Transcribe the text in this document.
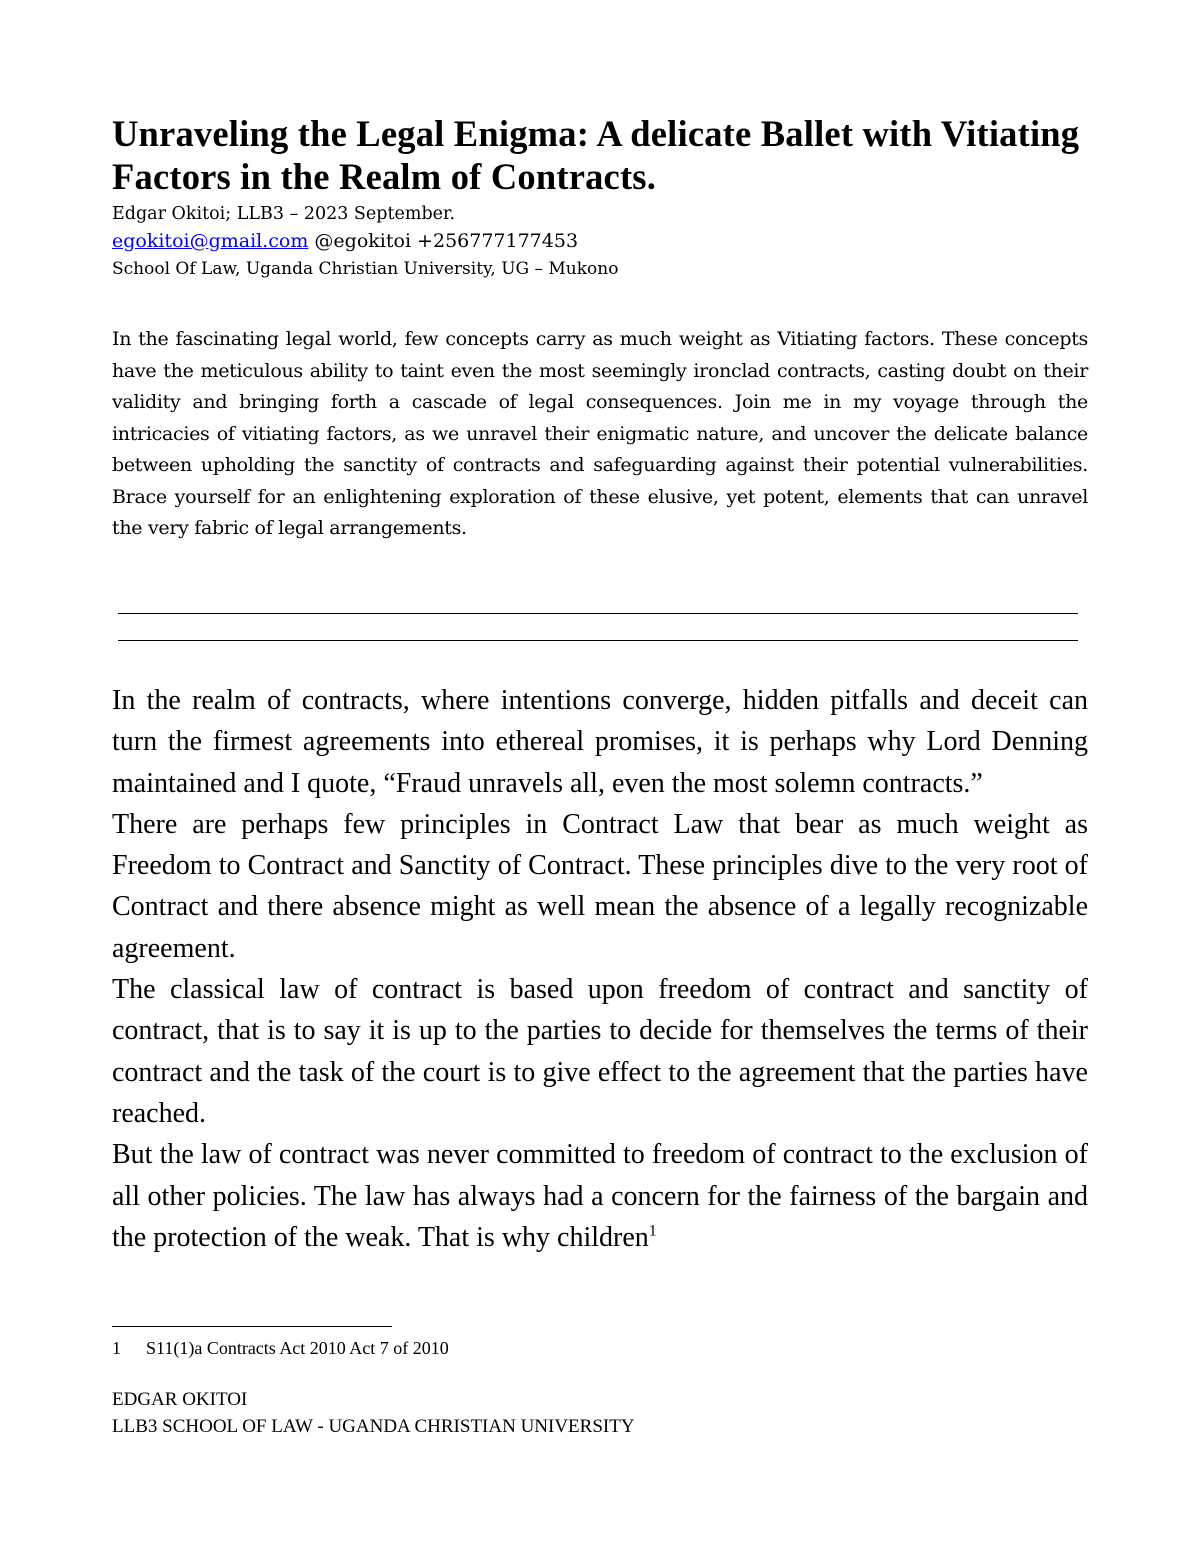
Unraveling the Legal Enigma: A delicate Ballet with Vitiating Factors in the Realm of Contracts.
Edgar Okitoi; LLB3 – 2023 September.
egokitoi@gmail.com @egokitoi +256777177453
School Of Law, Uganda Christian University, UG – Mukono
In the fascinating legal world, few concepts carry as much weight as Vitiating factors. These concepts have the meticulous ability to taint even the most seemingly ironclad contracts, casting doubt on their validity and bringing forth a cascade of legal consequences. Join me in my voyage through the intricacies of vitiating factors, as we unravel their enigmatic nature, and uncover the delicate balance between upholding the sanctity of contracts and safeguarding against their potential vulnerabilities. Brace yourself for an enlightening exploration of these elusive, yet potent, elements that can unravel the very fabric of legal arrangements.

In the realm of contracts, where intentions converge, hidden pitfalls and deceit can turn the firmest agreements into ethereal promises, it is perhaps why Lord Denning maintained and I quote, “Fraud unravels all, even the most solemn contracts.”

There are perhaps few principles in Contract Law that bear as much weight as Freedom to Contract and Sanctity of Contract. These principles dive to the very root of Contract and there absence might as well mean the absence of a legally recognizable agreement.

The classical law of contract is based upon freedom of contract and sanctity of contract, that is to say it is up to the parties to decide for themselves the terms of their contract and the task of the court is to give effect to the agreement that the parties have reached.

But the law of contract was never committed to freedom of contract to the exclusion of all other policies. The law has always had a concern for the fairness of the bargain and the protection of the weak. That is why children$^1$

1 S11(1)a Contracts Act 2010 Act 7 of 2010
EDGAR OKITOI
LLB3 SCHOOL OF LAW - UGANDA CHRISTIAN UNIVERSITY
